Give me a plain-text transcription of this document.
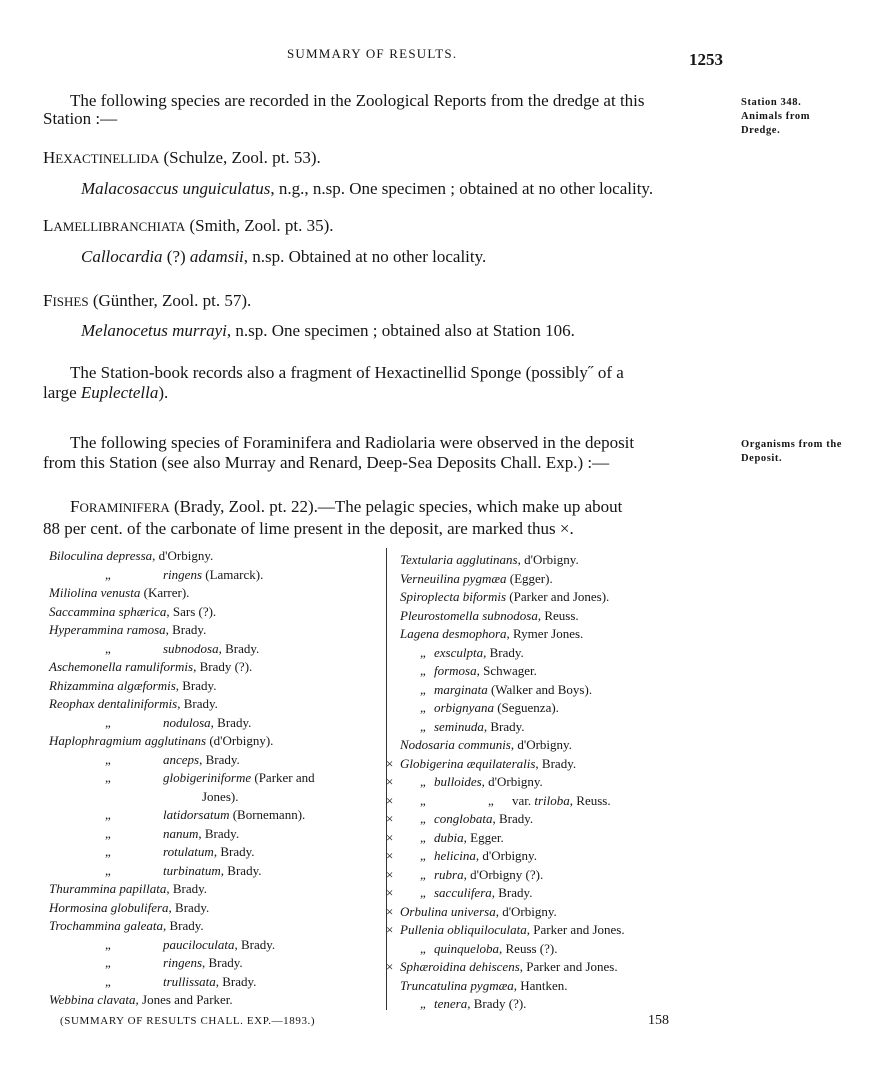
SUMMARY OF RESULTS.	1253
Station 348.
Animals from Dredge.
Organisms from the Deposit.
The following species are recorded in the Zoological Reports from the dredge at this
Station :—
HEXACTINELLIDA (Schulze, Zool. pt. 53).
Malacosaccus unguiculatus, n.g., n.sp. One specimen ; obtained at no other locality.
LAMELLIBRANCHIATA (Smith, Zool. pt. 35).
Callocardia (?) adamsii, n.sp. Obtained at no other locality.
FISHES (Günther, Zool. pt. 57).
Melanocetus murrayi, n.sp. One specimen ; obtained also at Station 106.
The Station-book records also a fragment of Hexactinellid Sponge (possibly˝ of a
large Euplectella).
The following species of Foraminifera and Radiolaria were observed in the deposit
from this Station (see also Murray and Renard, Deep-Sea Deposits Chall. Exp.) :—
FORAMINIFERA (Brady, Zool. pt. 22).—The pelagic species, which make up about
88 per cent. of the carbonate of lime present in the deposit, are marked thus ×.
Biloculina depressa, d'Orbigny.
„	ringens (Lamarck).
Miliolina venusta (Karrer).
Saccammina sphærica, Sars (?).
Hyperammina ramosa, Brady.
„	subnodosa, Brady.
Aschemonella ramuliformis, Brady (?).
Rhizammina algæformis, Brady.
Reophax dentaliniformis, Brady.
„	nodulosa, Brady.
Haplophragmium agglutinans (d'Orbigny).
„	anceps, Brady.
„	globigeriniforme (Parker and
Jones).
„	latidorsatum (Bornemann).
„	nanum, Brady.
„	rotulatum, Brady.
„	turbinatum, Brady.
Thurammina papillata, Brady.
Hormosina globulifera, Brady.
Trochammina galeata, Brady.
„	pauciloculata, Brady.
„	ringens, Brady.
„	trullissata, Brady.
Webbina clavata, Jones and Parker.
Textularia agglutinans, d'Orbigny.
Verneuilina pygmæa (Egger).
Spiroplecta biformis (Parker and Jones).
Pleurostomella subnodosa, Reuss.
Lagena desmophora, Rymer Jones.
„ exsculpta, Brady.
„ formosa, Schwager.
„ marginata (Walker and Boys).
„ orbignyana (Seguenza).
„ seminuda, Brady.
Nodosaria communis, d'Orbigny.
× Globigerina æquilateralis, Brady.
× „ bulloides, d'Orbigny.
× „	„ var. triloba, Reuss.
× „ conglobata, Brady.
× „ dubia, Egger.
× „ helicina, d'Orbigny.
× „ rubra, d'Orbigny (?).
× „ sacculifera, Brady.
× Orbulina universa, d'Orbigny.
× Pullenia obliquiloculata, Parker and Jones.
„ quinqueloba, Reuss (?).
× Sphæroidina dehiscens, Parker and Jones.
Truncatulina pygmæa, Hantken.
„ tenera, Brady (?).
(SUMMARY OF RESULTS CHALL. EXP.—1893.)	158
